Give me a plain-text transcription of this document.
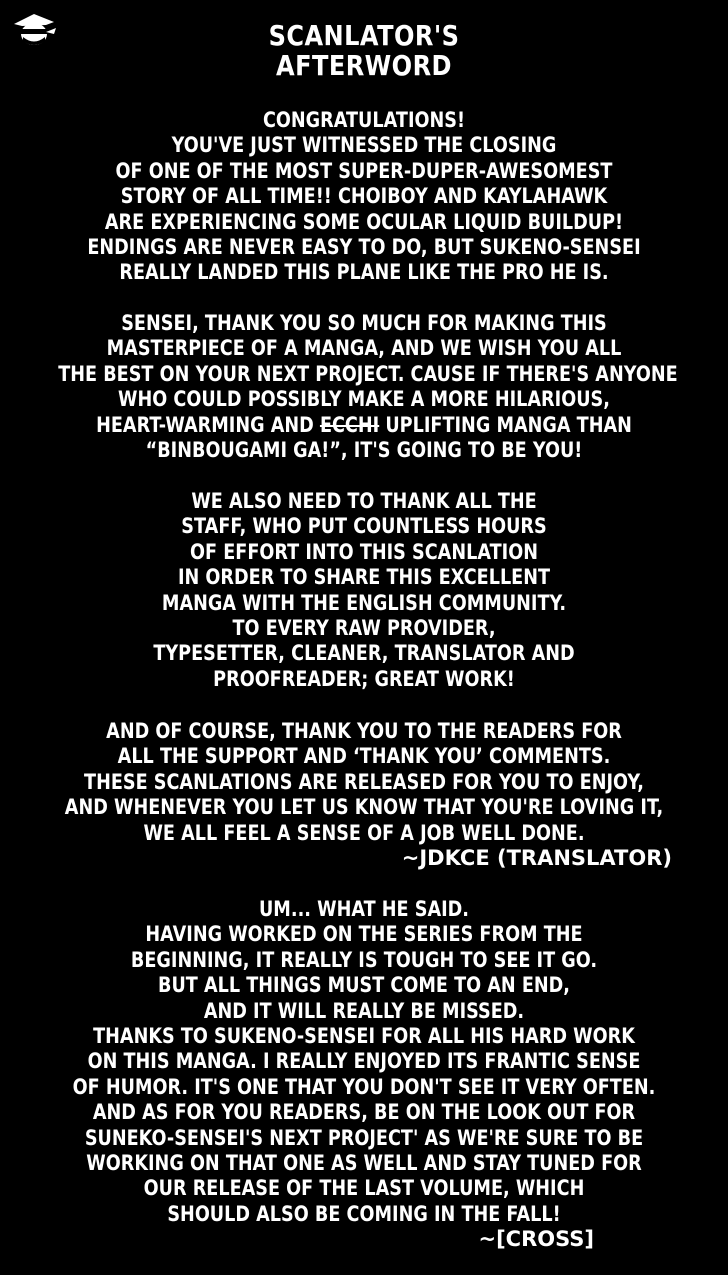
SCANLATOR'S
AFTERWORD
CONGRATULATIONS!
YOU'VE JUST WITNESSED THE CLOSING
OF ONE OF THE MOST SUPER-DUPER-AWESOMEST
STORY OF ALL TIME!! CHOIBOY AND KAYLAHAWK
ARE EXPERIENCING SOME OCULAR LIQUID BUILDUP!
ENDINGS ARE NEVER EASY TO DO, BUT SUKENO-SENSEI
REALLY LANDED THIS PLANE LIKE THE PRO HE IS.
SENSEI, THANK YOU SO MUCH FOR MAKING THIS
MASTERPIECE OF A MANGA, AND WE WISH YOU ALL
THE BEST ON YOUR NEXT PROJECT. CAUSE IF THERE'S ANYONE
WHO COULD POSSIBLY MAKE A MORE HILARIOUS,
HEART-WARMING AND ECCHI UPLIFTING MANGA THAN
“BINBOUGAMI GA!”, IT'S GOING TO BE YOU!
WE ALSO NEED TO THANK ALL THE
STAFF, WHO PUT COUNTLESS HOURS
OF EFFORT INTO THIS SCANLATION
IN ORDER TO SHARE THIS EXCELLENT
MANGA WITH THE ENGLISH COMMUNITY.
TO EVERY RAW PROVIDER,
TYPESETTER, CLEANER, TRANSLATOR AND
PROOFREADER; GREAT WORK!
AND OF COURSE, THANK YOU TO THE READERS FOR
ALL THE SUPPORT AND ‘THANK YOU’ COMMENTS.
THESE SCANLATIONS ARE RELEASED FOR YOU TO ENJOY,
AND WHENEVER YOU LET US KNOW THAT YOU'RE LOVING IT,
WE ALL FEEL A SENSE OF A JOB WELL DONE.
~JDKCE (TRANSLATOR)
UM... WHAT HE SAID.
HAVING WORKED ON THE SERIES FROM THE
BEGINNING, IT REALLY IS TOUGH TO SEE IT GO.
BUT ALL THINGS MUST COME TO AN END,
AND IT WILL REALLY BE MISSED.
THANKS TO SUKENO-SENSEI FOR ALL HIS HARD WORK
ON THIS MANGA. I REALLY ENJOYED ITS FRANTIC SENSE
OF HUMOR. IT'S ONE THAT YOU DON'T SEE IT VERY OFTEN.
AND AS FOR YOU READERS, BE ON THE LOOK OUT FOR
SUNEKO-SENSEI'S NEXT PROJECT' AS WE'RE SURE TO BE
WORKING ON THAT ONE AS WELL AND STAY TUNED FOR
OUR RELEASE OF THE LAST VOLUME, WHICH
SHOULD ALSO BE COMING IN THE FALL!
~[CROSS]
